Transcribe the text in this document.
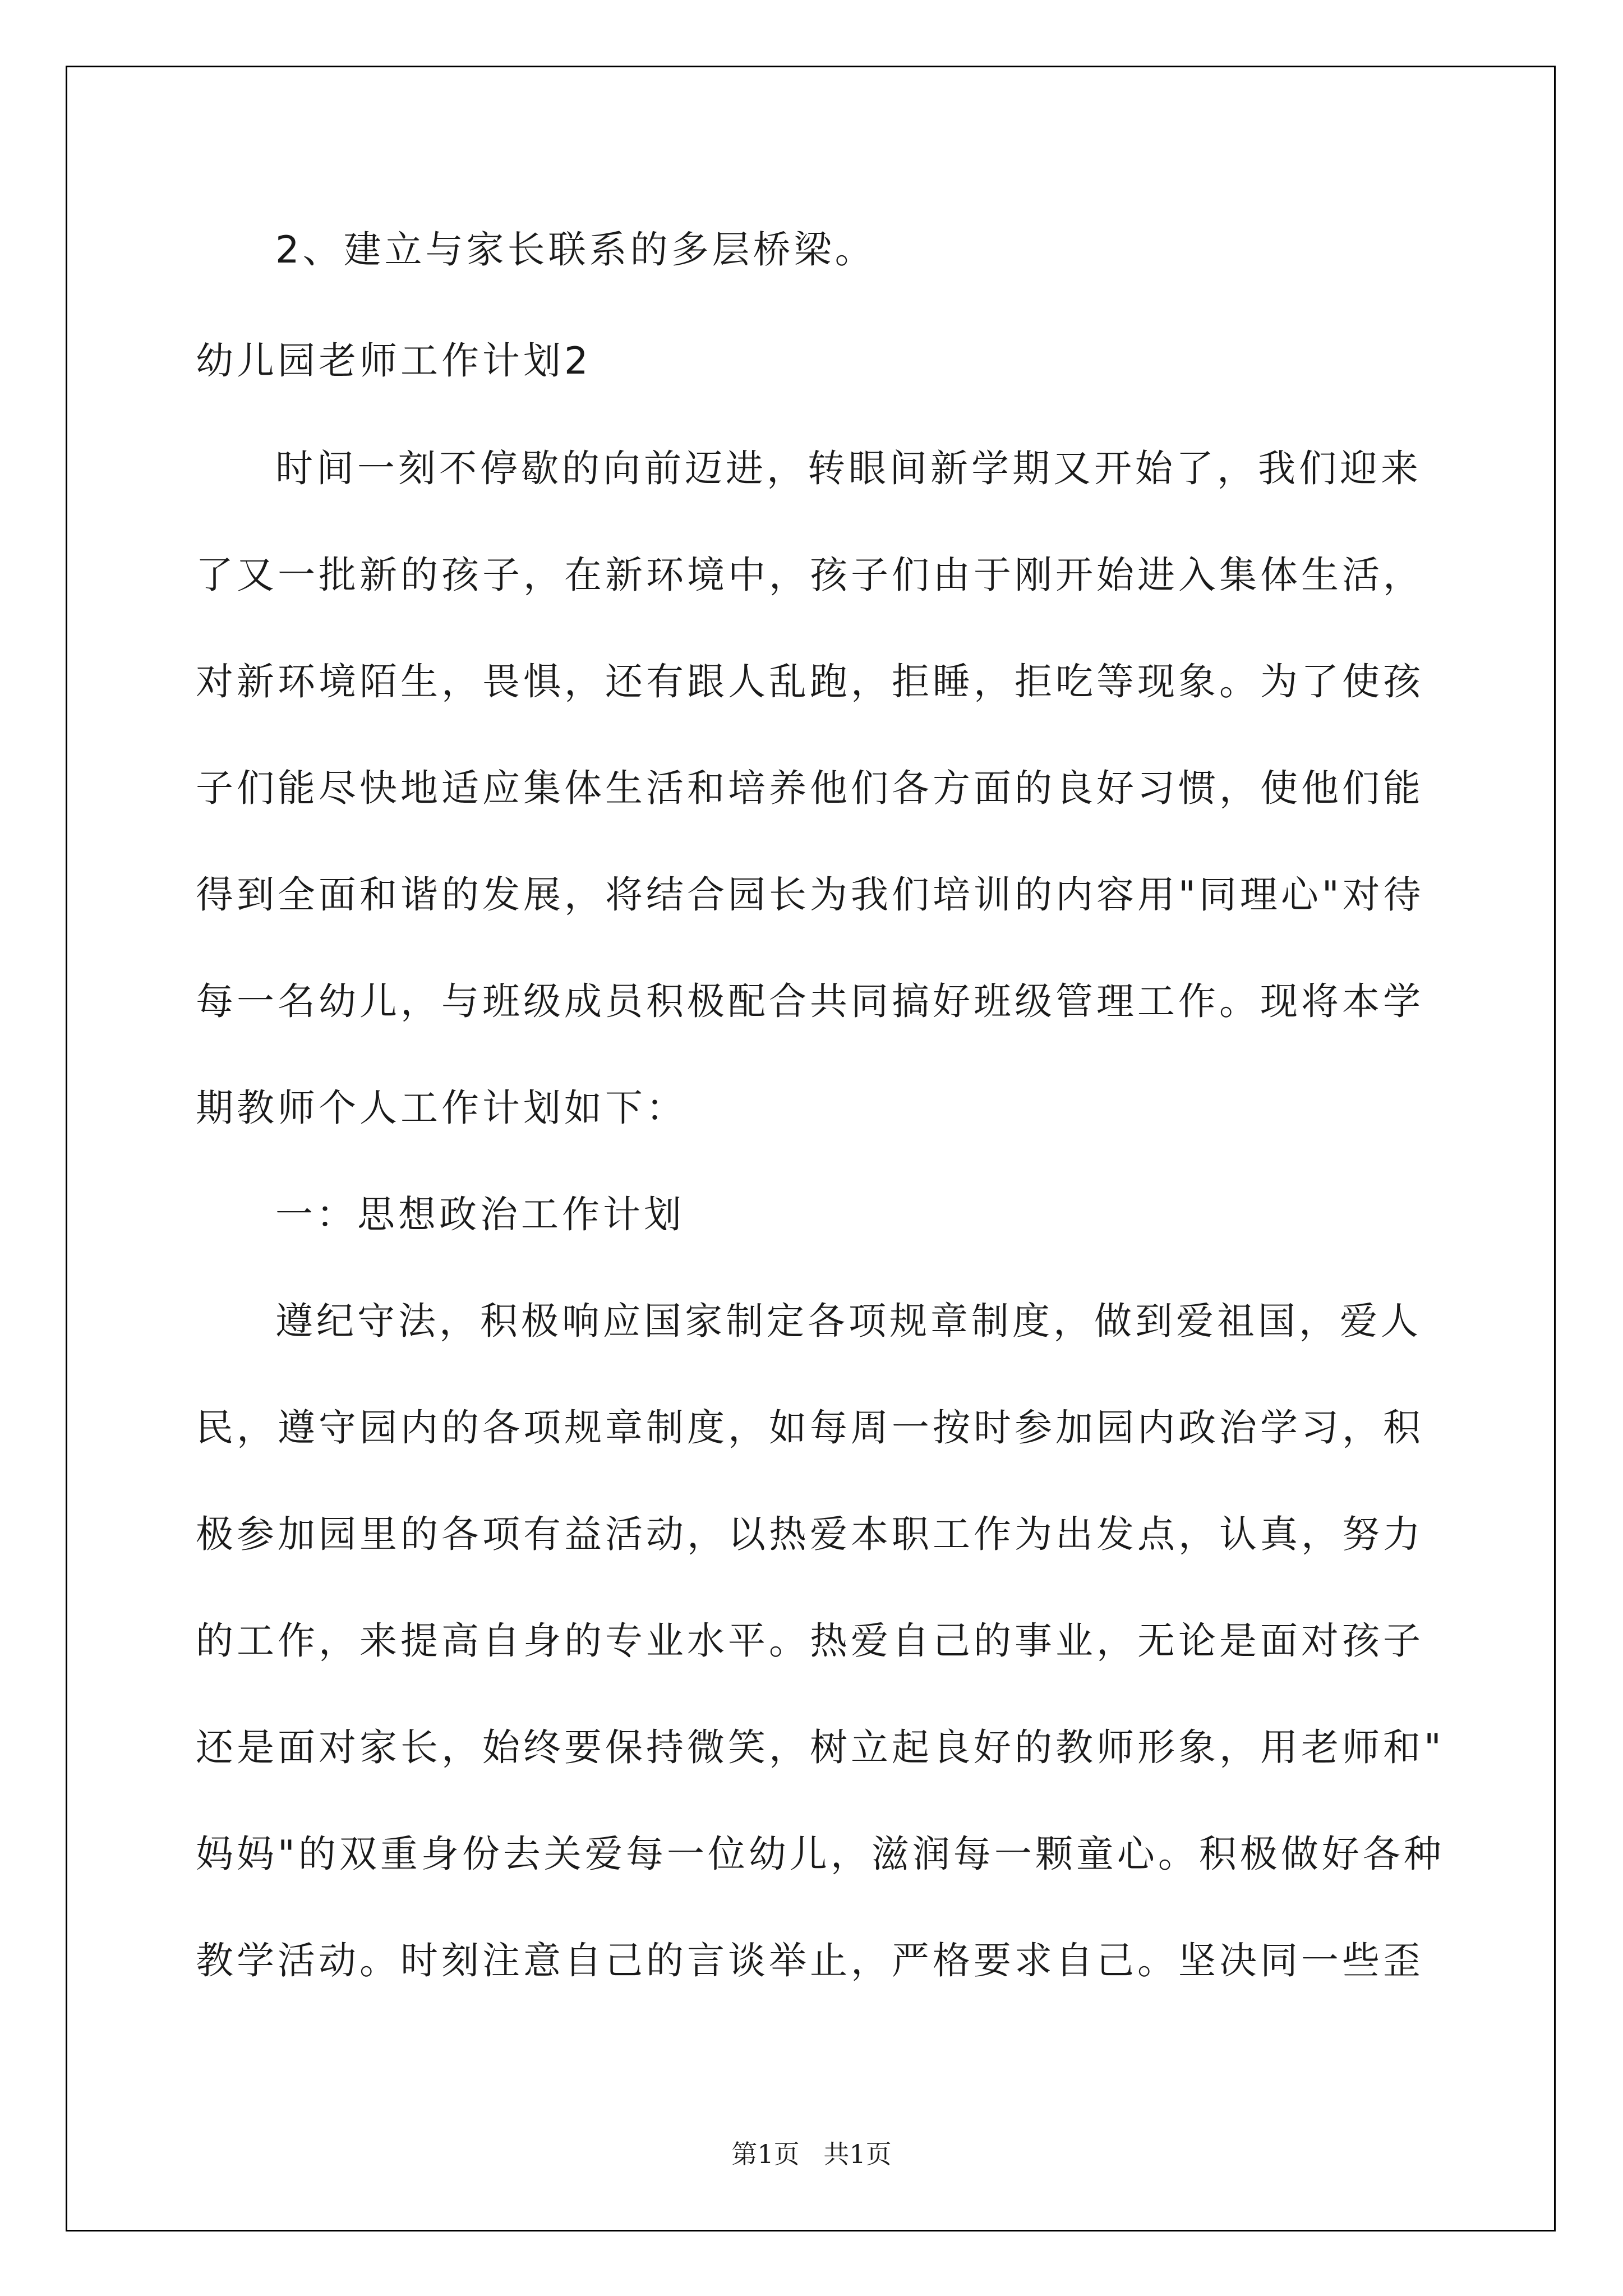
2、建立与家长联系的多层桥梁。
幼儿园老师工作计划2
时间一刻不停歇的向前迈进，转眼间新学期又开始了，我们迎来
了又一批新的孩子，在新环境中，孩子们由于刚开始进入集体生活，
对新环境陌生，畏惧，还有跟人乱跑，拒睡，拒吃等现象。为了使孩
子们能尽快地适应集体生活和培养他们各方面的良好习惯，使他们能
得到全面和谐的发展，将结合园长为我们培训的内容用"同理心"对待
每一名幼儿，与班级成员积极配合共同搞好班级管理工作。现将本学
期教师个人工作计划如下：
一：思想政治工作计划
遵纪守法，积极响应国家制定各项规章制度，做到爱祖国，爱人
民，遵守园内的各项规章制度，如每周一按时参加园内政治学习，积
极参加园里的各项有益活动，以热爱本职工作为出发点，认真，努力
的工作，来提高自身的专业水平。热爱自己的事业，无论是面对孩子
还是面对家长，始终要保持微笑，树立起良好的教师形象，用老师和"
妈妈"的双重身份去关爱每一位幼儿，滋润每一颗童心。积极做好各种
教学活动。时刻注意自己的言谈举止，严格要求自己。坚决同一些歪
第1页 共1页
